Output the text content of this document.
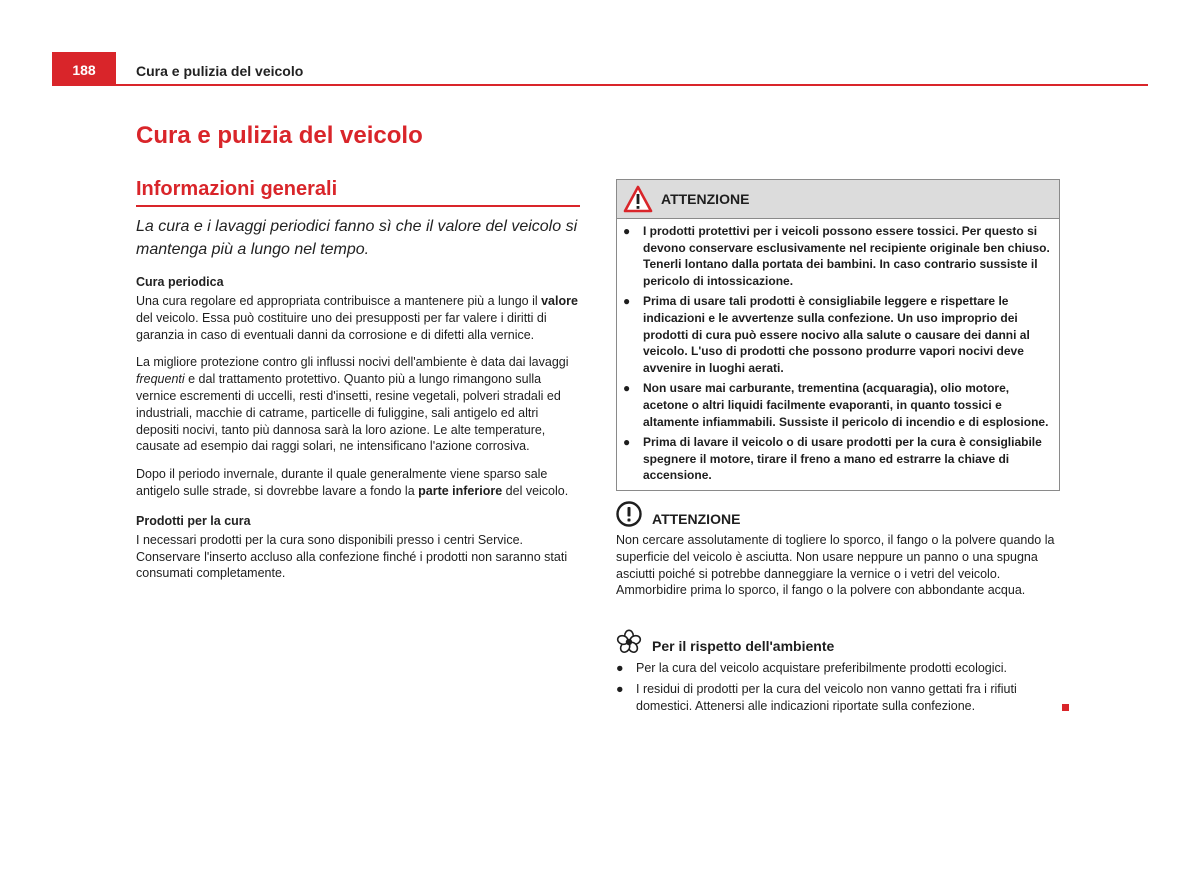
188	Cura e pulizia del veicolo
Cura e pulizia del veicolo
Informazioni generali

La cura e i lavaggi periodici fanno sì che il valore del veicolo si mantenga più a lungo nel tempo.

Cura periodica

Una cura regolare ed appropriata contribuisce a mantenere più a lungo il valore del veicolo. Essa può costituire uno dei presupposti per far valere i diritti di garanzia in caso di eventuali danni da corrosione e di difetti alla vernice.

La migliore protezione contro gli influssi nocivi dell'ambiente è data dai lavaggi frequenti e dal trattamento protettivo. Quanto più a lungo rimangono sulla vernice escrementi di uccelli, resti d'insetti, resine vegetali, polveri stradali ed industriali, macchie di catrame, particelle di fuliggine, sali antigelo ed altri depositi nocivi, tanto più dannosa sarà la loro azione. Le alte temperature, causate ad esempio dai raggi solari, ne intensificano l'azione corrosiva.

Dopo il periodo invernale, durante il quale generalmente viene sparso sale antigelo sulle strade, si dovrebbe lavare a fondo la parte inferiore del veicolo.

Prodotti per la cura

I necessari prodotti per la cura sono disponibili presso i centri Service. Conservare l'inserto accluso alla confezione finché i prodotti non saranno stati consumati completamente.

ATTENZIONE
●	I prodotti protettivi per i veicoli possono essere tossici. Per questo si devono conservare esclusivamente nel recipiente originale ben chiuso. Tenerli lontano dalla portata dei bambini. In caso contrario sussiste il pericolo di intossicazione.
●	Prima di usare tali prodotti è consigliabile leggere e rispettare le indicazioni e le avvertenze sulla confezione. Un uso improprio dei prodotti di cura può essere nocivo alla salute o causare dei danni al veicolo. L'uso di prodotti che possono produrre vapori nocivi deve avvenire in luoghi aerati.
●	Non usare mai carburante, trementina (acquaragia), olio motore, acetone o altri liquidi facilmente evaporanti, in quanto tossici e altamente infiammabili. Sussiste il pericolo di incendio e di esplosione.
●	Prima di lavare il veicolo o di usare prodotti per la cura è consigliabile spegnere il motore, tirare il freno a mano ed estrarre la chiave di accensione.
ATTENZIONE

Non cercare assolutamente di togliere lo sporco, il fango o la polvere quando la superficie del veicolo è asciutta. Non usare neppure un panno o una spugna asciutti poiché si potrebbe danneggiare la vernice o i vetri del veicolo. Ammorbidire prima lo sporco, il fango o la polvere con abbondante acqua.

Per il rispetto dell'ambiente
● Per la cura del veicolo acquistare preferibilmente prodotti ecologici.
● I residui di prodotti per la cura del veicolo non vanno gettati fra i rifiuti domestici. Attenersi alle indicazioni riportate sulla confezione.
